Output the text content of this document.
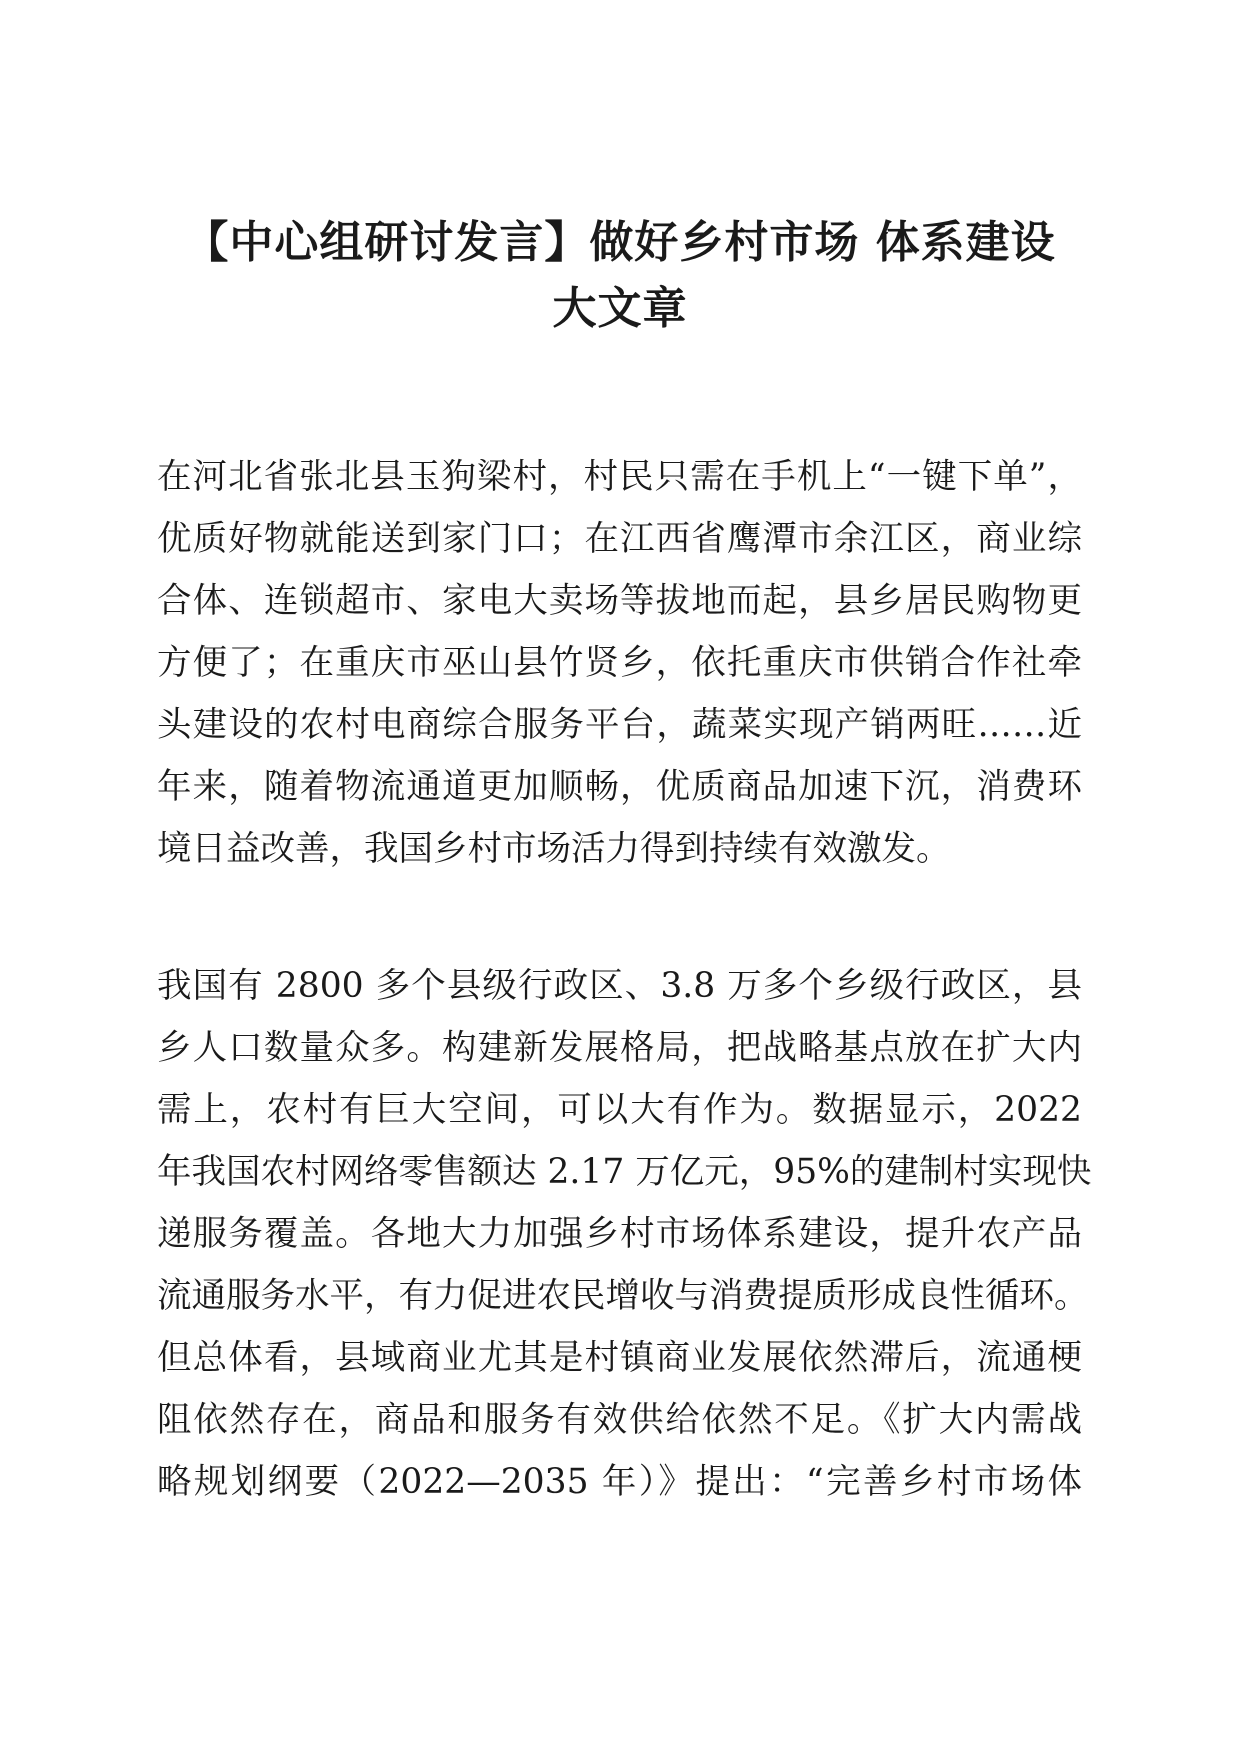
【中心组研讨发言】做好乡村市场 体系建设
大文章
在河北省张北县玉狗梁村，村民只需在手机上“一键下单”，
优质好物就能送到家门口；在江西省鹰潭市余江区，商业综
合体、连锁超市、家电大卖场等拔地而起，县乡居民购物更
方便了；在重庆市巫山县竹贤乡，依托重庆市供销合作社牵
头建设的农村电商综合服务平台，蔬菜实现产销两旺……近
年来，随着物流通道更加顺畅，优质商品加速下沉，消费环
境日益改善，我国乡村市场活力得到持续有效激发。
我国有 2800 多个县级行政区、3.8 万多个乡级行政区，县
乡人口数量众多。构建新发展格局，把战略基点放在扩大内
需上，农村有巨大空间，可以大有作为。数据显示，2022
年我国农村网络零售额达 2.17 万亿元，95%的建制村实现快
递服务覆盖。各地大力加强乡村市场体系建设，提升农产品
流通服务水平，有力促进农民增收与消费提质形成良性循环。
但总体看，县域商业尤其是村镇商业发展依然滞后，流通梗
阻依然存在，商品和服务有效供给依然不足。《扩大内需战
略规划纲要（2022—2035 年）》提出：“完善乡村市场体
